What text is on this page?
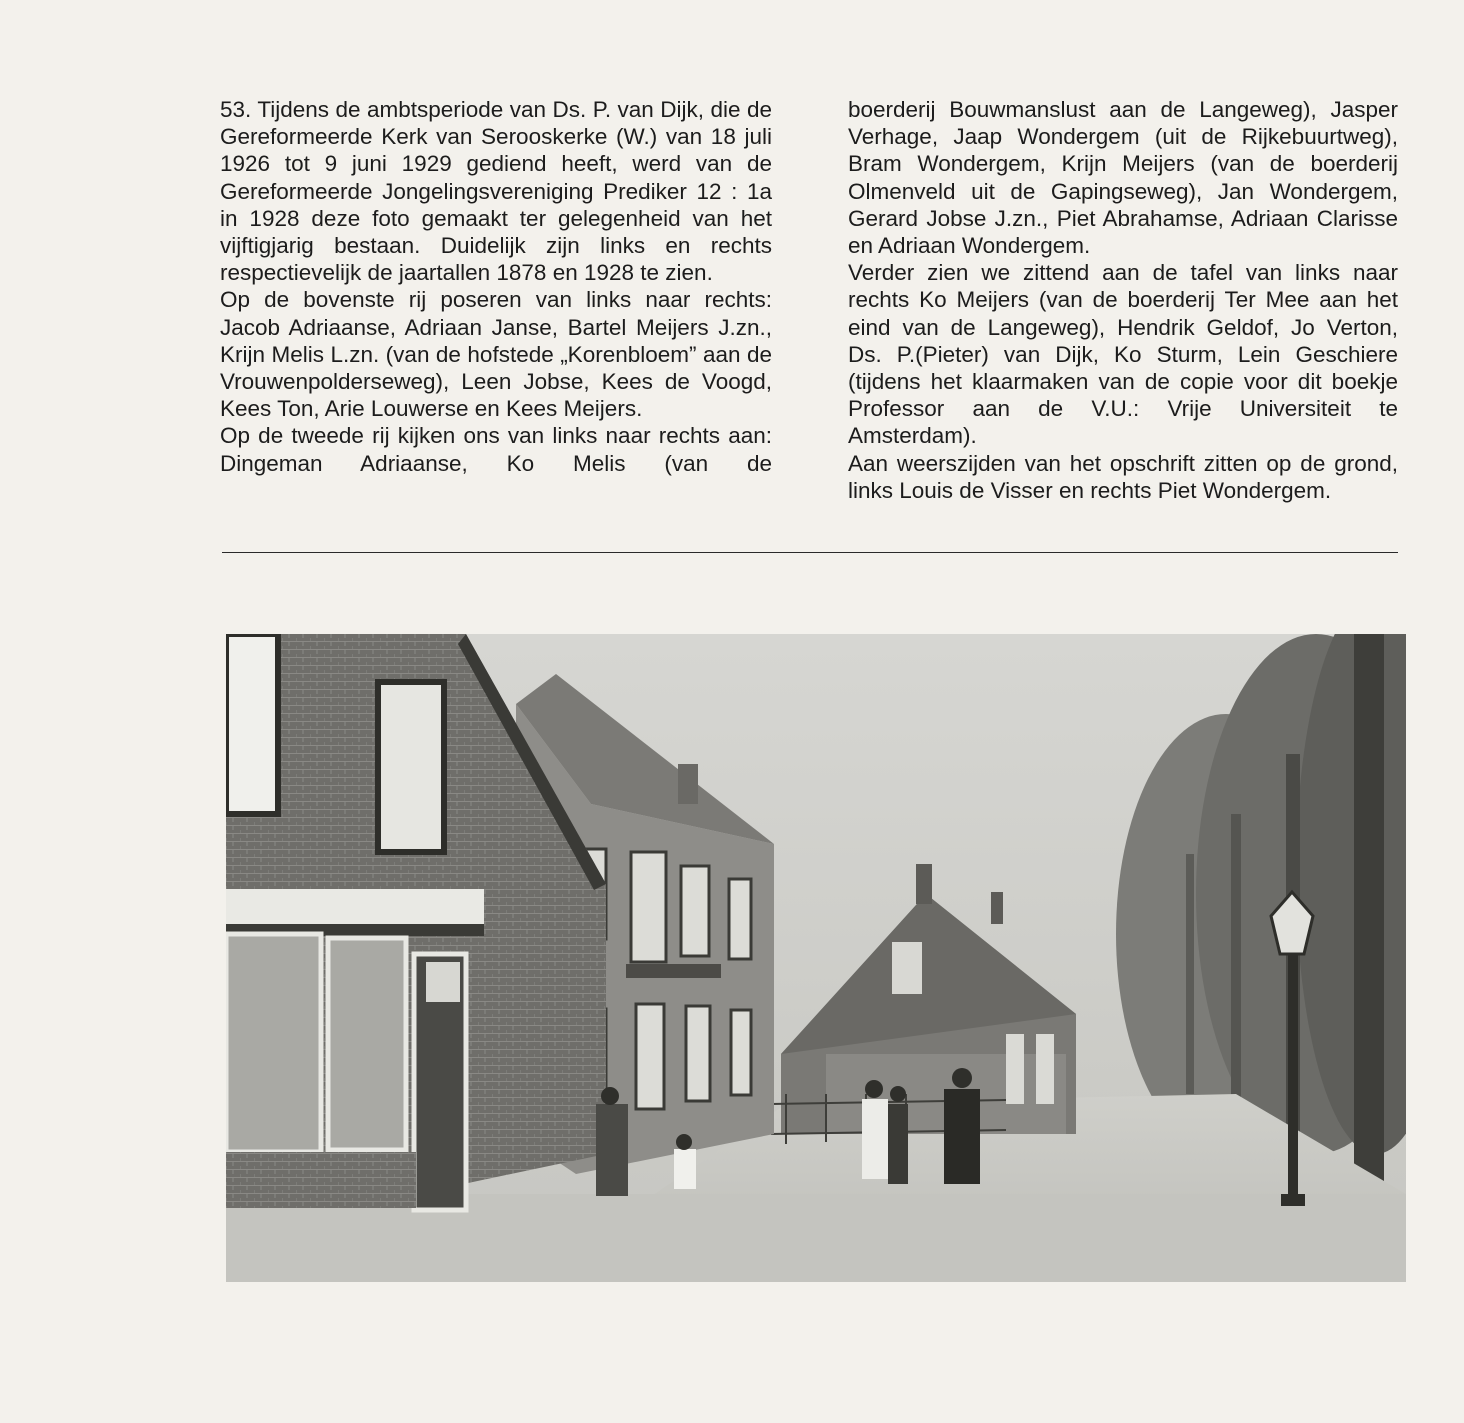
53. Tijdens de ambtsperiode van Ds. P. van Dijk, die de Gereformeerde Kerk van Serooskerke (W.) van 18 juli 1926 tot 9 juni 1929 gediend heeft, werd van de Gereformeerde Jongelingsvereniging Prediker 12 : 1a in 1928 deze foto gemaakt ter gelegenheid van het vijftigjarig bestaan. Duidelijk zijn links en rechts respectievelijk de jaartallen 1878 en 1928 te zien.

Op de bovenste rij poseren van links naar rechts: Jacob Adriaanse, Adriaan Janse, Bartel Meijers J.zn., Krijn Melis L.zn. (van de hofstede „Korenbloem” aan de Vrouwenpolderseweg), Leen Jobse, Kees de Voogd, Kees Ton, Arie Louwerse en Kees Meijers.

Op de tweede rij kijken ons van links naar rechts aan: Dingeman Adriaanse, Ko Melis (van de

boerderij Bouwmanslust aan de Langeweg), Jasper Verhage, Jaap Wondergem (uit de Rijkebuurtweg), Bram Wondergem, Krijn Meijers (van de boerderij Olmenveld uit de Gapingseweg), Jan Wondergem, Gerard Jobse J.zn., Piet Abrahamse, Adriaan Clarisse en Adriaan Wondergem.

Verder zien we zittend aan de tafel van links naar rechts Ko Meijers (van de boerderij Ter Mee aan het eind van de Langeweg), Hendrik Geldof, Jo Verton, Ds. P.(Pieter) van Dijk, Ko Sturm, Lein Geschiere (tijdens het klaarmaken van de copie voor dit boekje Professor aan de V.U.: Vrije Universiteit te Amsterdam).

Aan weerszijden van het opschrift zitten op de grond, links Louis de Visser en rechts Piet Wondergem.
